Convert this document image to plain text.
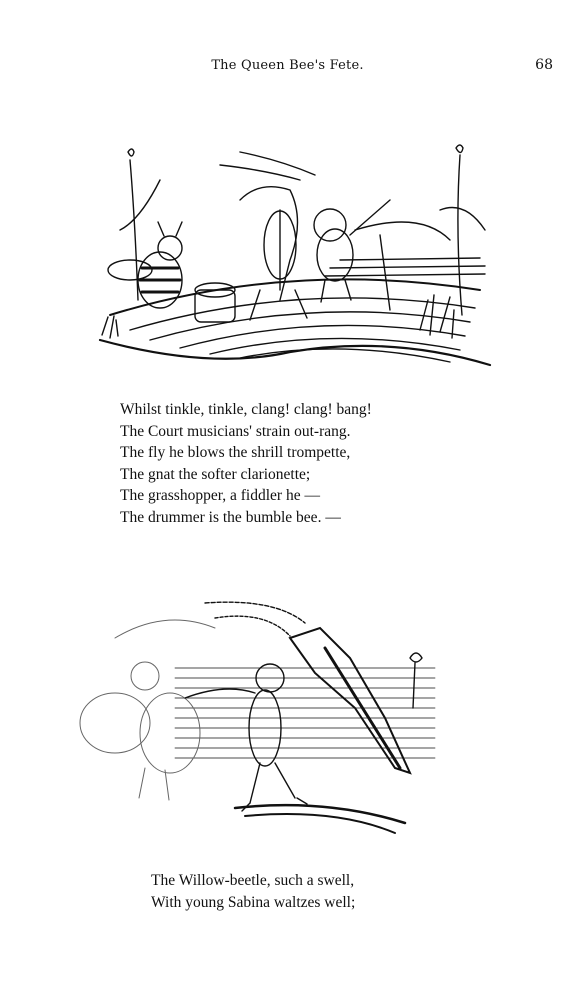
The Queen Bee's Fete.	68
Whilst tinkle, tinkle, clang! clang! bang!
The Court musicians' strain out-rang.
The fly he blows the shrill trompette,
The gnat the softer clarionette;
The grasshopper, a fiddler he —
The drummer is the bumble bee. —
The Willow-beetle, such a swell,
With young Sabina waltzes well;
